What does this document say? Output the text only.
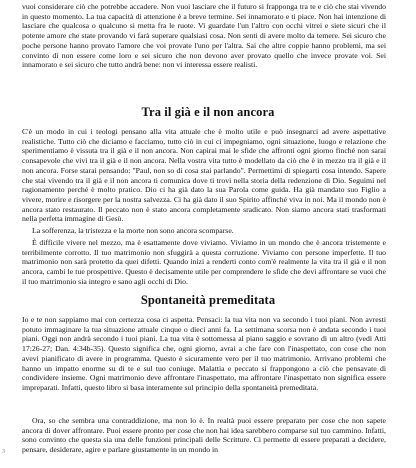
vuoi considerare ciò che potrebbe accadere. Non vuoi lasciare che il futuro si frapponga tra te e ciò che stai vivendo in questo momento. La tua capacità di attenzione è a breve termine. Sei innamorato e ti piace. Non hai intenzione di lasciare che qualcosa o qualcuno si metta fra le ruote. Vi guardate l'un l'altro con occhi vitrei e siete sicuri che il potente amore che state provando vi farà superare qualsiasi cosa. Non senti di avere molto da temere. Sei sicuro che poche persone hanno provato l'amore che voi provate l'uno per l'altra. Sai che altre coppie hanno problemi, ma sei convinto di non essere come loro e sei sicuro che non devono aver provato quello che invece provate voi. Sei innamorato e sei sicuro che tutto andrà bene: non vi interessa essere realisti.

Tra il già e il non ancora

C'è un modo in cui i teologi pensano alla vita attuale che è molto utile e può insegnarci ad avere aspettative realistiche. Tutto ciò che diciamo e facciamo, tutto ciò in cui ci impegniamo, ogni situazione, luogo e relazione che sperimentiamo è vissuta tra il già e il non ancora. Non capirai mai le sfide che affronti ogni giorno finché non sarai consapevole che vivi tra il già e il non ancora. Nella vostra vita tutto è modellato da ciò che è in mezzo tra il già e il non ancora. Forse starai pensando: "Paul, non so di cosa stai parlando". Permettimi di spiegarti cosa intendo. Sapere che stai vivendo tra il già e il non ancora ti comunica dove ti trovi nella storia della redenzione di Dio. Seguimi nel ragionamento perché è molto pratico. Dio ci ha già dato la sua Parola come guida. Ha già mandato suo Figlio a vivere, morire e risorgere per la nostra salvezza. Ci ha già dato il suo Spirito affinché viva in noi. Ma il mondo non è ancora stato restaurato. Il peccato non è stato ancora completamente sradicato. Non siamo ancora stati trasformati nella perfetta immagine di Gesù.

La sofferenza, la tristezza e la morte non sono ancora scomparse.

È difficile vivere nel mezzo, ma è esattamente dove viviamo. Viviamo in un mondo che è ancora tristemente e terribilmente corrotto. Il tuo matrimonio non sfuggirà a questa corruzione. Viviamo con persone imperfette. Il tuo matrimonio non sarà protetto da quei difetti. Quando inizi a renderti conto com'è realmente la vita tra il già e il non ancora, cambi le tue prospettive. Questo è decisamente utile per comprendere le sfide che devi affrontare se vuoi che il tuo matrimonio sia integro e sano agli occhi di Dio.

Spontaneità premeditata

Io e te non sappiamo mai con certezza cosa ci aspetta. Pensaci: la tua vita non va secondo i tuoi piani. Non avresti potuto immaginare la tua situazione attuale cinque o dieci anni fa. La settimana scorsa non è andata secondo i tuoi piani. Oggi non andrà secondo i tuoi piani. La tua vita è sottomessa al piano saggio e sovrano di un altro (vedi Atti 17:26-27; Dan. 4:34b-35). Questo significa che, ogni giorno, avrai a che fare con l'inaspettato, con cose che non avevi pianificato di avere in programma. Questo è sicuramente vero per il tuo matrimonio. Arrivano problemi che hanno un impatto enorme su di te e sul tuo coniuge. Malattia e peccato si frappongono a ciò che pensavate di condividere insieme. Ogni matrimonio deve affrontare l'inaspettato, ma affrontare l'inaspettato non significa essere impreparati. Infatti, questo libro si basa interamente sul principio della spontaneità premeditata.

Ora, so che sembra una contraddizione, ma non lo è. In realtà puoi essere preparato per cose che non sapete ancora di dover affrontare. Puoi essere pronto per cose che non hai idea sarebbero comparse sul tuo cammino. Infatti, sono convinto che questa sia una delle funzioni principali delle Scritture. Ci permette di essere preparati a decidere, pensare, desiderare, agire e parlare giustamente in un mondo in

3
